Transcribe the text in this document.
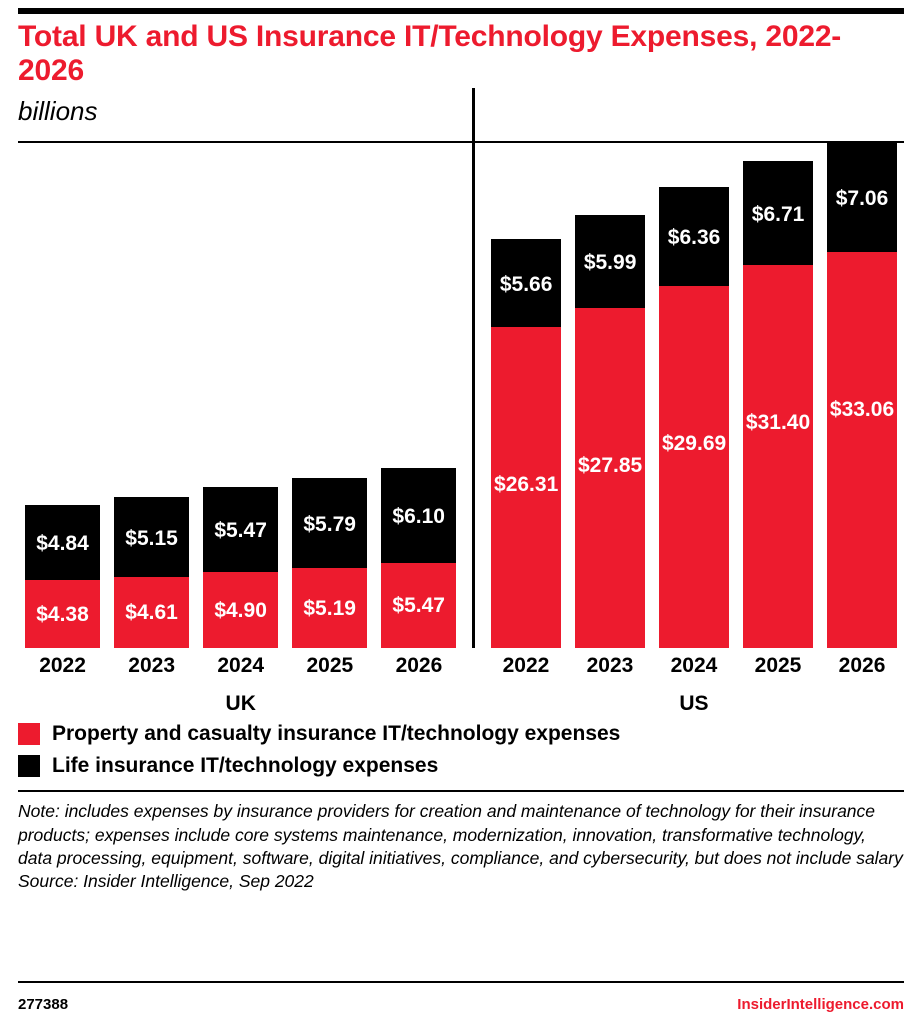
Total UK and US Insurance IT/Technology Expenses, 2022-2026
billions
$4.84
$4.38
$5.15
$4.61
$5.47
$4.90
$5.79
$5.19
$6.10
$5.47
$5.66
$26.31
$5.99
$27.85
$6.36
$29.69
$6.71
$31.40
$7.06
$33.06
2022	2023	2024	2025	2026
UK
2022	2023	2024	2025	2026
US
Property and casualty insurance IT/technology expenses
Life insurance IT/technology expenses
Note: includes expenses by insurance providers for creation and maintenance of technology for their insurance products; expenses include core systems maintenance, modernization, innovation, transformative technology, data processing, equipment, software, digital initiatives, compliance, and cybersecurity, but does not include salary
Source: Insider Intelligence, Sep 2022
277388	InsiderIntelligence.com
